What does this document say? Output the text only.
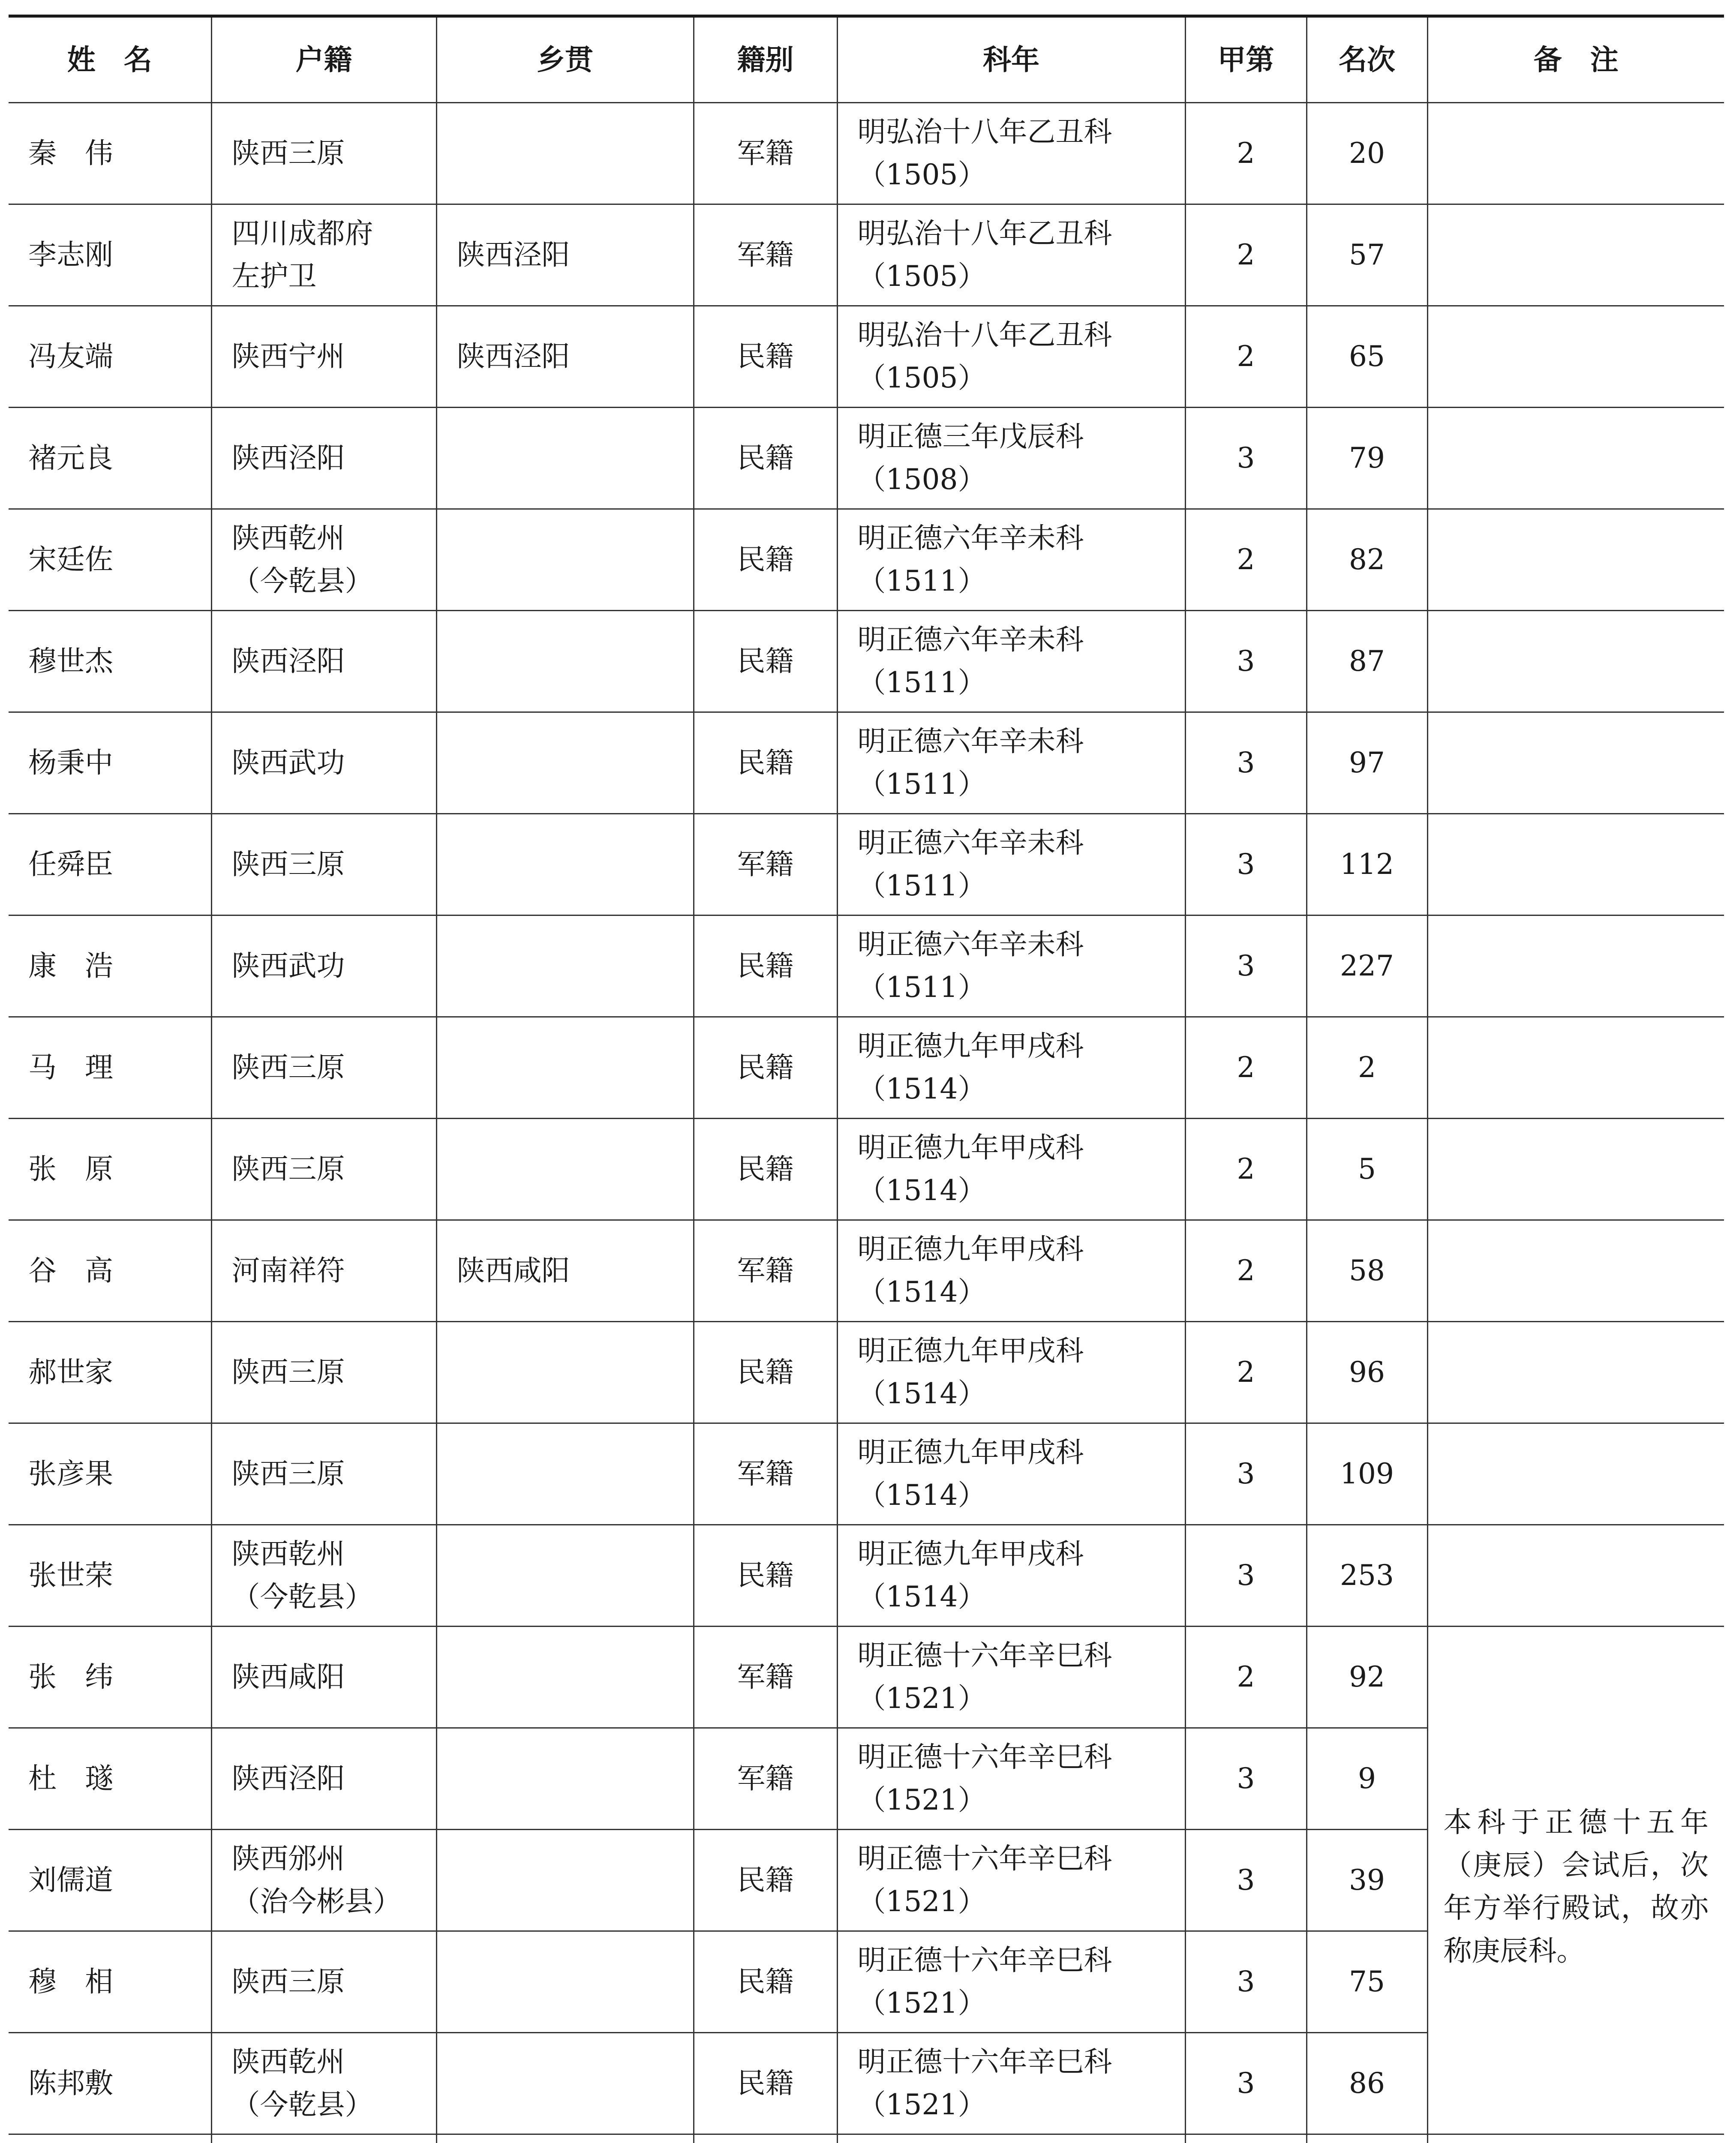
姓　名	户籍	乡贯	籍别	科年	甲第	名次	备　注
秦　伟	陕西三原		军籍	明弘治十八年乙丑科
（1505）	2	20	
李志刚	四川成都府
左护卫	陕西泾阳	军籍	明弘治十八年乙丑科
（1505）	2	57	
冯友端	陕西宁州	陕西泾阳	民籍	明弘治十八年乙丑科
（1505）	2	65	
褚元良	陕西泾阳		民籍	明正德三年戊辰科
（1508）	3	79	
宋廷佐	陕西乾州
（今乾县）		民籍	明正德六年辛未科
（1511）	2	82	
穆世杰	陕西泾阳		民籍	明正德六年辛未科
（1511）	3	87	
杨秉中	陕西武功		民籍	明正德六年辛未科
（1511）	3	97	
任舜臣	陕西三原		军籍	明正德六年辛未科
（1511）	3	112	
康　浩	陕西武功		民籍	明正德六年辛未科
（1511）	3	227	
马　理	陕西三原		民籍	明正德九年甲戌科
（1514）	2	2	
张　原	陕西三原		民籍	明正德九年甲戌科
（1514）	2	5	
谷　高	河南祥符	陕西咸阳	军籍	明正德九年甲戌科
（1514）	2	58	
郝世家	陕西三原		民籍	明正德九年甲戌科
（1514）	2	96	
张彦果	陕西三原		军籍	明正德九年甲戌科
（1514）	3	109	
张世荣	陕西乾州
（今乾县）		民籍	明正德九年甲戌科
（1514）	3	253	
张　纬	陕西咸阳		军籍	明正德十六年辛巳科
（1521）	2	92	本科于正德十五年（庚辰）会试后，次年方举行殿试，故亦称庚辰科。
杜　璲	陕西泾阳		军籍	明正德十六年辛巳科
（1521）	3	9	
刘儒道	陕西邠州
（治今彬县）		民籍	明正德十六年辛巳科
（1521）	3	39	
穆　相	陕西三原		民籍	明正德十六年辛巳科
（1521）	3	75	
陈邦敷	陕西乾州
（今乾县）		民籍	明正德十六年辛巳科
（1521）	3	86	
